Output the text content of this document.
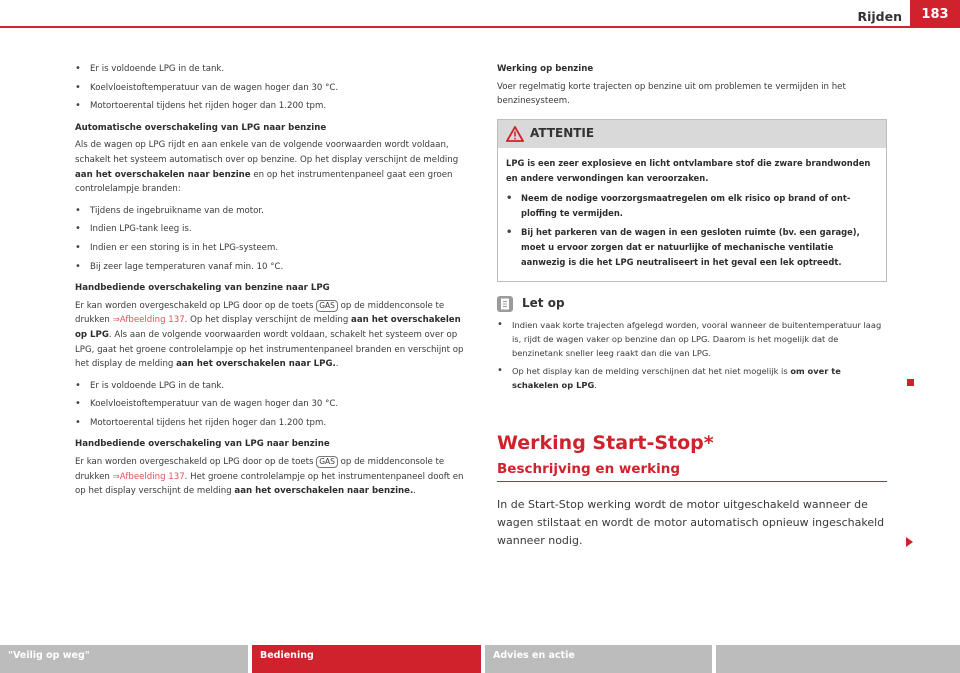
Rijden	183
• Er is voldoende LPG in de tank.
• Koelvloeistoftemperatuur van de wagen hoger dan 30 °C.
• Motortoerental tijdens het rijden hoger dan 1.200 tpm.

Automatische overschakeling van LPG naar benzine

Als de wagen op LPG rijdt en aan enkele van de volgende voorwaarden wordt voldaan, schakelt het systeem automatisch over op benzine. Op het display verschijnt de melding aan het overschakelen naar benzine en op het instrumentenpaneel gaat een groen controlelampje branden:

• Tijdens de ingebruikname van de motor.
• Indien LPG-tank leeg is.
• Indien er een storing is in het LPG-systeem.
• Bij zeer lage temperaturen vanaf min. 10 °C.

Handbediende overschakeling van benzine naar LPG

Er kan worden overgeschakeld op LPG door op de toets GAS op de middenconsole te drukken ⇒Afbeelding 137. Op het display verschijnt de melding aan het overschakelen op LPG. Als aan de volgende voorwaarden wordt voldaan, schakelt het systeem over op LPG, gaat het groene controlelampje op het instrumentenpaneel branden en verschijnt op het display de melding aan het overschakelen naar LPG..

• Er is voldoende LPG in de tank.
• Koelvloeistoftemperatuur van de wagen hoger dan 30 °C.
• Motortoerental tijdens het rijden hoger dan 1.200 tpm.

Handbediende overschakeling van LPG naar benzine

Er kan worden overgeschakeld op LPG door op de toets GAS op de middenconsole te drukken ⇒Afbeelding 137. Het groene controlelampje op het instrumentenpaneel dooft en op het display verschijnt de melding aan het overschakelen naar benzine..

Werking op benzine

Voer regelmatig korte trajecten op benzine uit om problemen te vermijden in het benzinesysteem.

ATTENTIE

LPG is een zeer explosieve en licht ontvlambare stof die zware brandwonden en andere verwondingen kan veroorzaken.

• Neem de nodige voorzorgsmaatregelen om elk risico op brand of ontploffing te vermijden.
• Bij het parkeren van de wagen in een gesloten ruimte (bv. een garage), moet u ervoor zorgen dat er natuurlijke of mechanische ventilatie aanwezig is die het LPG neutraliseert in het geval een lek optreedt.
Let op
• Indien vaak korte trajecten afgelegd worden, vooral wanneer de buitentemperatuur laag is, rijdt de wagen vaker op benzine dan op LPG. Daarom is het mogelijk dat de benzinetank sneller leeg raakt dan die van LPG.
• Op het display kan de melding verschijnen dat het niet mogelijk is om over te schakelen op LPG.
Werking Start-Stop*
Beschrijving en werking
In de Start-Stop werking wordt de motor uitgeschakeld wanneer de wagen stilstaat en wordt de motor automatisch opnieuw ingeschakeld wanneer nodig.
"Veilig op weg"	Bediening	Advies en actie
